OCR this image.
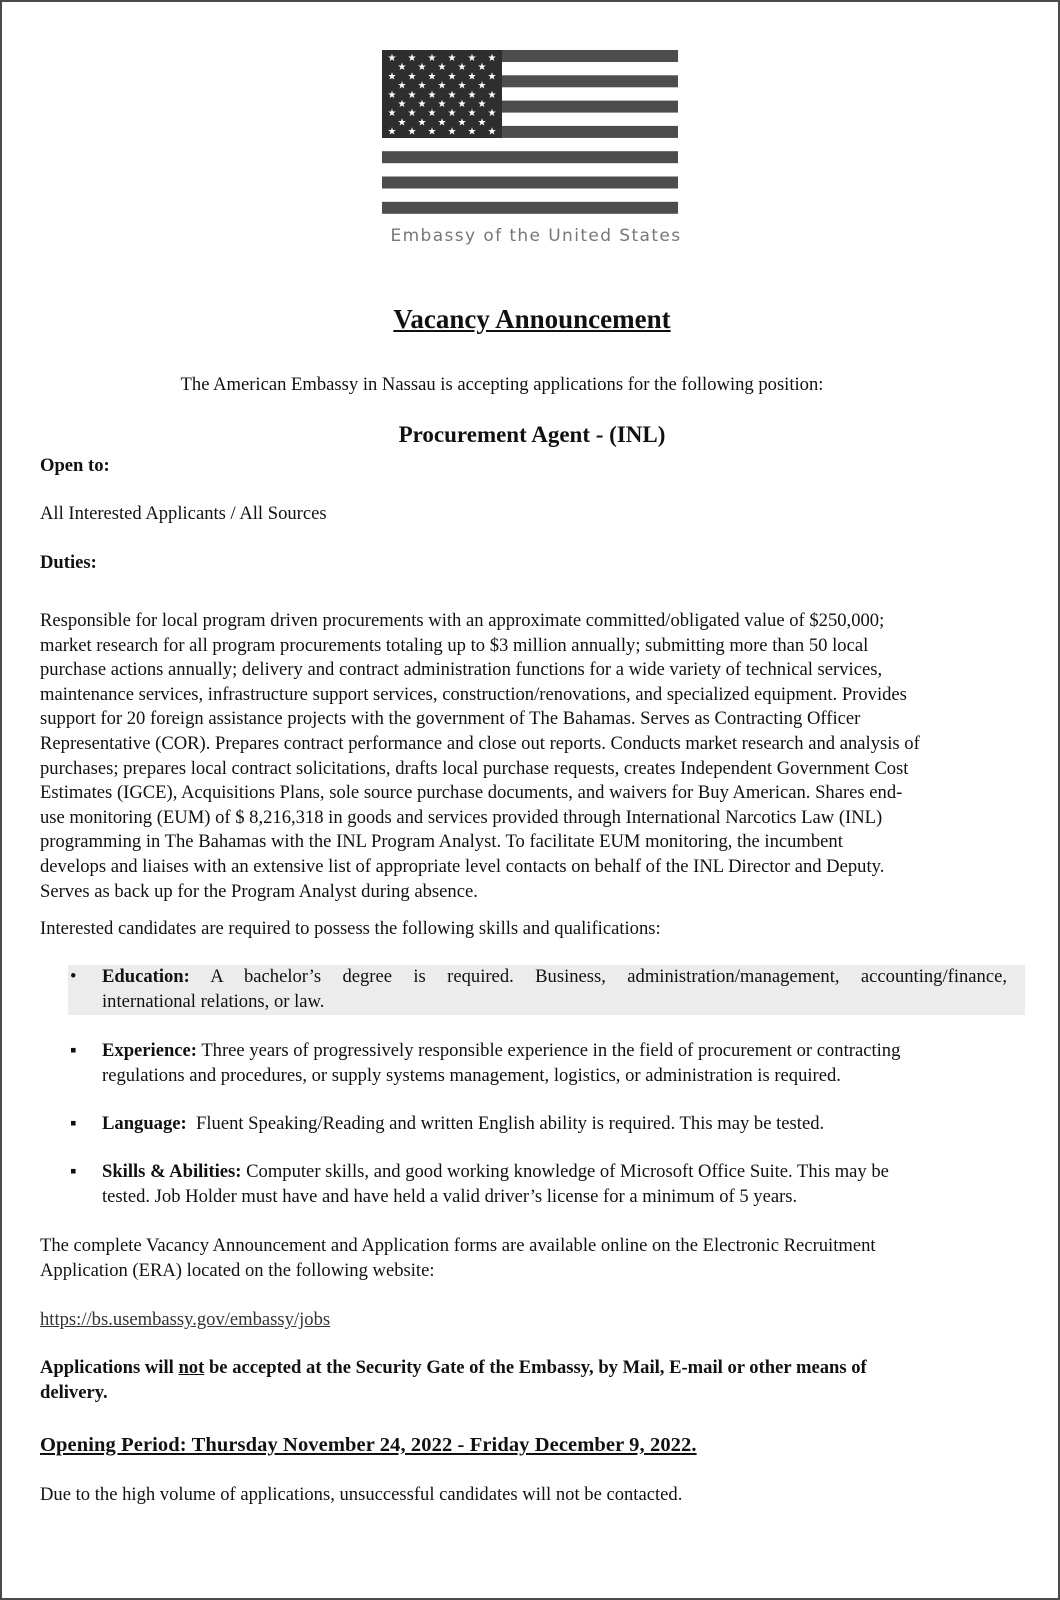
★ ★ ★ ★ ★ ★
★ ★ ★ ★ ★
★ ★ ★ ★ ★ ★
★ ★ ★ ★ ★
★ ★ ★ ★ ★ ★
★ ★ ★ ★ ★
★ ★ ★ ★ ★ ★
★ ★ ★ ★ ★
★ ★ ★ ★ ★ ★
Embassy of the United States
Vacancy Announcement

The American Embassy in Nassau is accepting applications for the following position:

Procurement Agent - (INL)

Open to:

All Interested Applicants / All Sources

Duties:

Responsible for local program driven procurements with an approximate committed/obligated value of $250,000;
market research for all program procurements totaling up to $3 million annually; submitting more than 50 local
purchase actions annually; delivery and contract administration functions for a wide variety of technical services,
maintenance services, infrastructure support services, construction/renovations, and specialized equipment. Provides
support for 20 foreign assistance projects with the government of The Bahamas. Serves as Contracting Officer
Representative (COR). Prepares contract performance and close out reports. Conducts market research and analysis of
purchases; prepares local contract solicitations, drafts local purchase requests, creates Independent Government Cost
Estimates (IGCE), Acquisitions Plans, sole source purchase documents, and waivers for Buy American. Shares end-
use monitoring (EUM) of $ 8,216,318 in goods and services provided through International Narcotics Law (INL)
programming in The Bahamas with the INL Program Analyst. To facilitate EUM monitoring, the incumbent
develops and liaises with an extensive list of appropriate level contacts on behalf of the INL Director and Deputy.
Serves as back up for the Program Analyst during absence.

Interested candidates are required to possess the following skills and qualifications:

• Education: A bachelor’s degree is required. Business, administration/management, accounting/finance,
international relations, or law.
▪ Experience: Three years of progressively responsible experience in the field of procurement or contracting
regulations and procedures, or supply systems management, logistics, or administration is required.
▪ Language: Fluent Speaking/Reading and written English ability is required. This may be tested.
▪ Skills & Abilities: Computer skills, and good working knowledge of Microsoft Office Suite. This may be
tested. Job Holder must have and have held a valid driver’s license for a minimum of 5 years.
The complete Vacancy Announcement and Application forms are available online on the Electronic Recruitment
Application (ERA) located on the following website:
https://bs.usembassy.gov/embassy/jobs
Applications will not be accepted at the Security Gate of the Embassy, by Mail, E-mail or other means of
delivery.

Opening Period: Thursday November 24, 2022 - Friday December 9, 2022.

Due to the high volume of applications, unsuccessful candidates will not be contacted.
